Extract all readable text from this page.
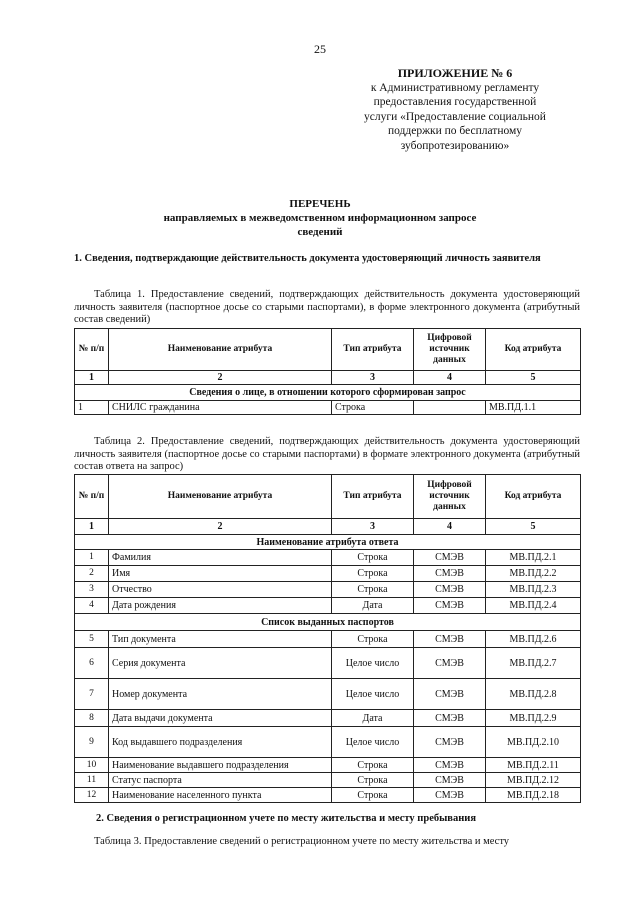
25
ПРИЛОЖЕНИЕ № 6
к Административному регламенту
предоставления государственной
услуги «Предоставление социальной
поддержки по бесплатному
зубопротезированию»
ПЕРЕЧЕНЬ
направляемых в межведомственном информационном запросе
сведений
1. Сведения, подтверждающие действительность документа удостоверяющий личность заявителя
Таблица 1. Предоставление сведений, подтверждающих действительность документа удостоверяющий личность заявителя (паспортное досье со старыми паспортами), в форме электронного документа (атрибутный состав сведений)
№ п/п	Наименование атрибута	Тип атрибута	Цифровой источник данных	Код атрибута
1	2	3	4	5
Сведения о лице, в отношении которого сформирован запрос				
1	СНИЛС гражданина	Строка		МВ.ПД.1.1
Таблица 2. Предоставление сведений, подтверждающих действительность документа удостоверяющий личность заявителя (паспортное досье со старыми паспортами) в формате электронного документа (атрибутный состав ответа на запрос)
№ п/п	Наименование атрибута	Тип атрибута	Цифровой источник данных	Код атрибута
1	2	3	4	5
Наименование атрибута ответа				
1	Фамилия	Строка	СМЭВ	МВ.ПД.2.1
2	Имя	Строка	СМЭВ	МВ.ПД.2.2
3	Отчество	Строка	СМЭВ	МВ.ПД.2.3
4	Дата рождения	Дата	СМЭВ	МВ.ПД.2.4
Список выданных паспортов				
5	Тип документа	Строка	СМЭВ	МВ.ПД.2.6
6	Серия документа	Целое число	СМЭВ	МВ.ПД.2.7
7	Номер документа	Целое число	СМЭВ	МВ.ПД.2.8
8	Дата выдачи документа	Дата	СМЭВ	МВ.ПД.2.9
9	Код выдавшего подразделения	Целое число	СМЭВ	МВ.ПД.2.10
10	Наименование выдавшего подразделения	Строка	СМЭВ	МВ.ПД.2.11
11	Статус паспорта	Строка	СМЭВ	МВ.ПД.2.12
12	Наименование населенного пункта	Строка	СМЭВ	МВ.ПД.2.18
2. Сведения о регистрационном учете по месту жительства и месту пребывания
Таблица 3. Предоставление сведений о регистрационном учете по месту жительства и месту
